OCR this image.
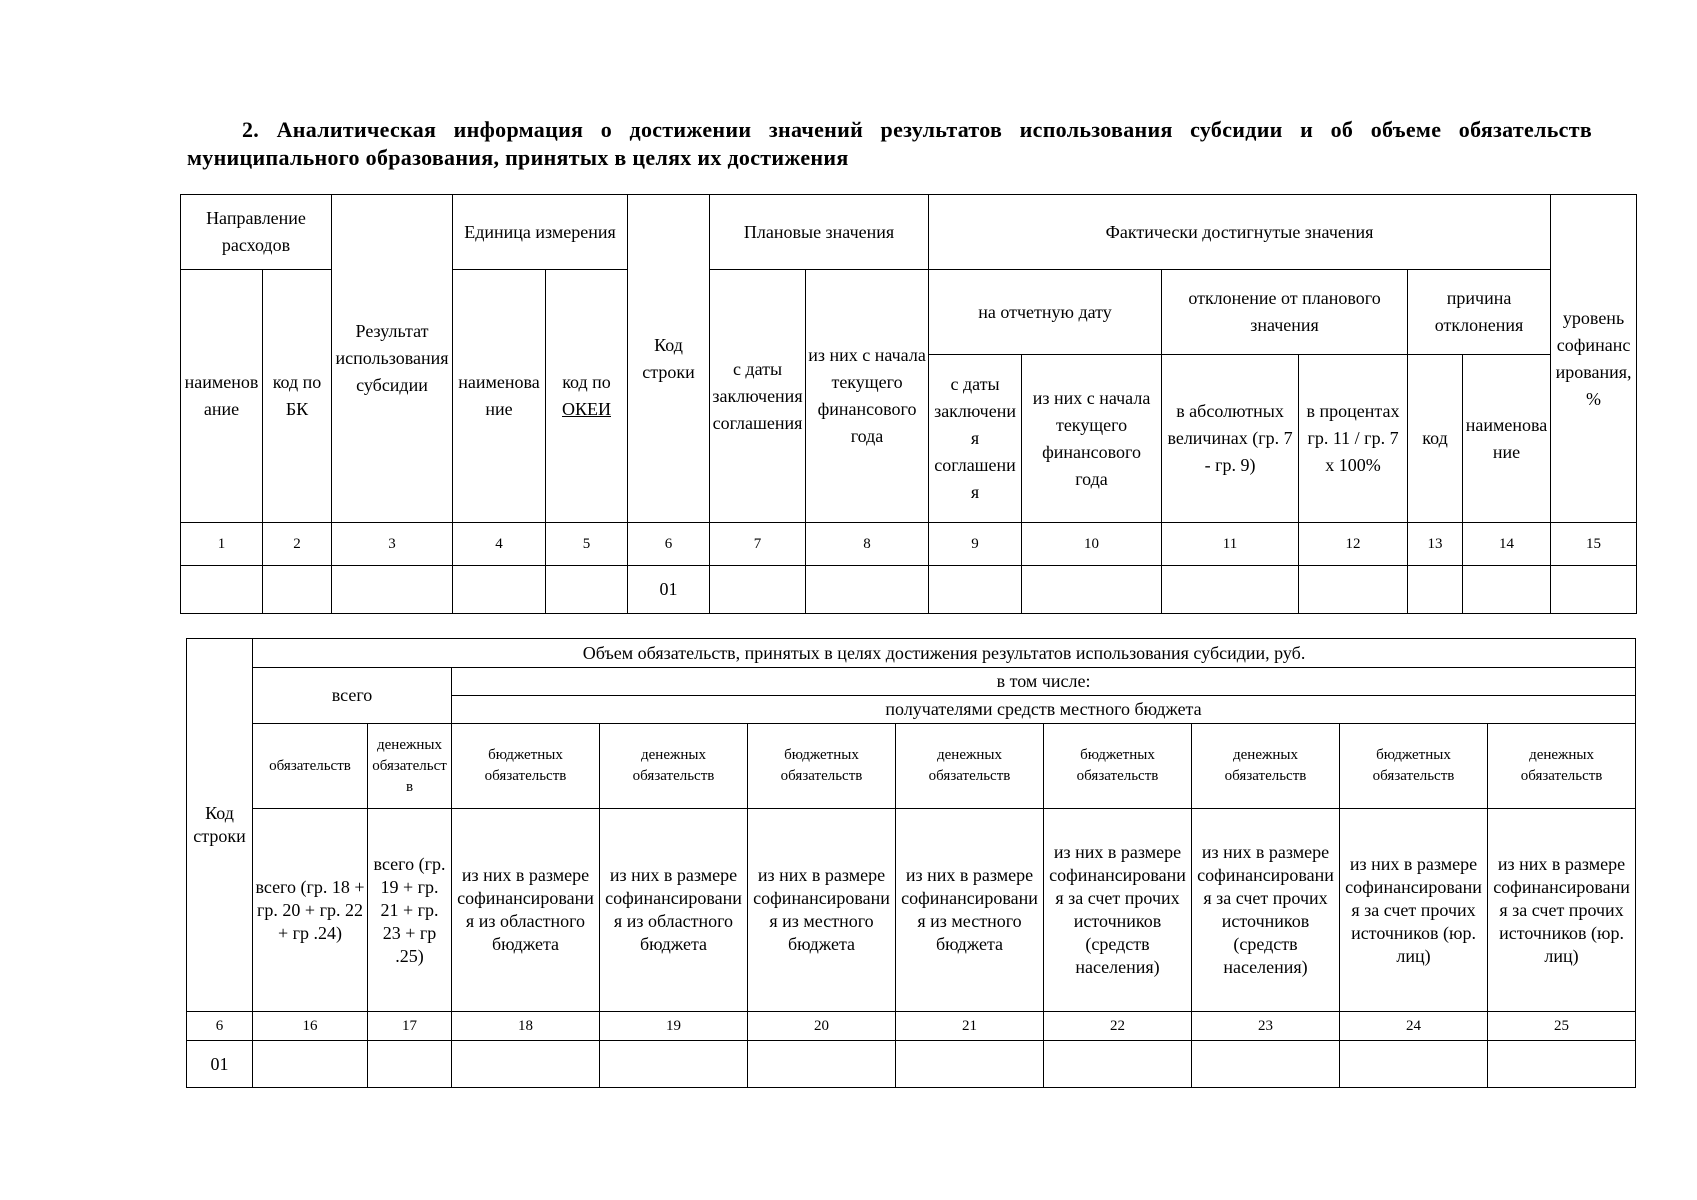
2. Аналитическая информация о достижении значений результатов использования субсидии и об объеме обязательств
муниципального образования, принятых в целях их достижения
Направление расходов		Результат использования субсидии	Единица измерения		Код строки	Плановые значения		Фактически достигнутые значения						уровень софинансирования, %
наименование	код по БК		наименование	код по ОКЕИ		с даты заключения соглашения	из них с начала текущего финансового года	на отчетную дату		отклонение от планового значения		причина отклонения		
								с даты заключения соглашения	из них с начала текущего финансового года	в абсолютных величинах (гр. 7 - гр. 9)	в процентах гр. 11 / гр. 7 x 100%	код	наименование	
1	2	3	4	5	6	7	8	9	10	11	12	13	14	15
					01									
Код строки	Объем обязательств, принятых в целях достижения результатов использования субсидии, руб.									
	всего		в том числе:							
			получателями средств местного бюджета							
	обязательств	денежных обязательств	бюджетных обязательств	денежных обязательств	бюджетных обязательств	денежных обязательств	бюджетных обязательств	денежных обязательств	бюджетных обязательств	денежных обязательств
	всего (гр. 18 + гр. 20 + гр. 22 + гр .24)	всего (гр. 19 + гр. 21 + гр. 23 + гр .25)	из них в размере софинансирования из областного бюджета	из них в размере софинансирования из областного бюджета	из них в размере софинансирования из местного бюджета	из них в размере софинансирования из местного бюджета	из них в размере софинансирования за счет прочих источников (средств населения)	из них в размере софинансирования за счет прочих источников (средств населения)	из них в размере софинансирования за счет прочих источников (юр. лиц)	из них в размере софинансирования за счет прочих источников (юр. лиц)
6	16	17	18	19	20	21	22	23	24	25
01										
